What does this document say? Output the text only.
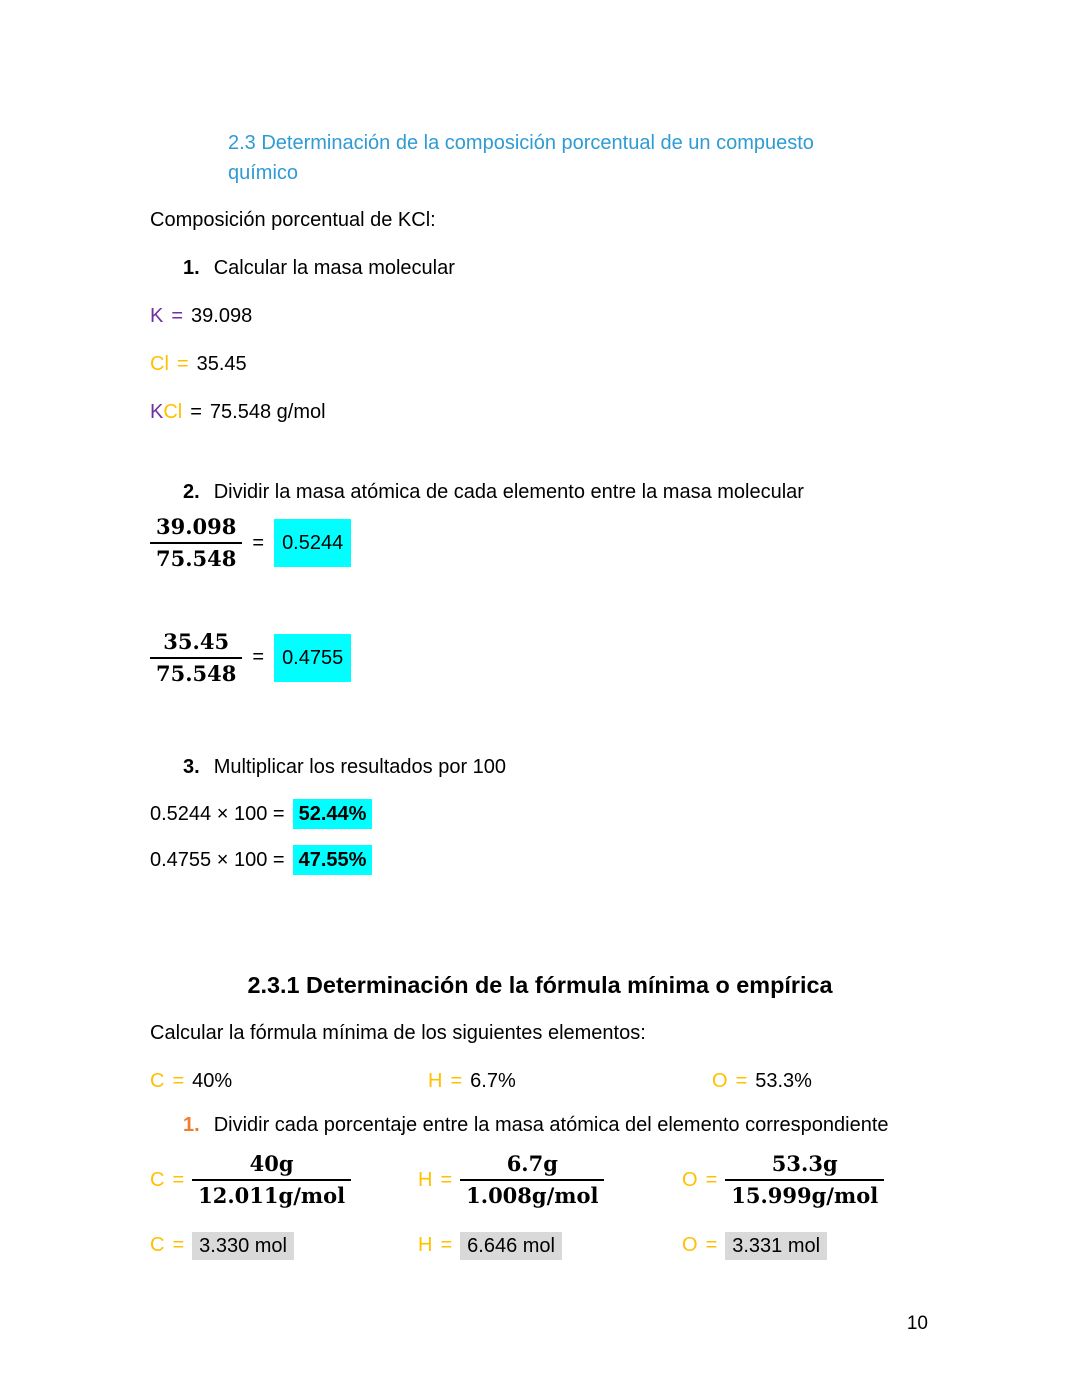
2.3 Determinación de la composición porcentual de un compuesto
químico

Composición porcentual de KCl:

1. Calcular la masa molecular

K = 39.098

Cl = 35.45

K Cl = 75.548 g/mol

2. Dividir la masa atómica de cada elemento entre la masa molecular
$\frac{39.098}{75.548} = 0.5244$
$\frac{35.45}{75.548} = 0.4755$
3. Multiplicar los resultados por 100
0.5244 × 100 = 52.44%
0.4755 × 100 = 47.55%
2.3.1 Determinación de la fórmula mínima o empírica

Calcular la fórmula mínima de los siguientes elementos:

C = 40%	H = 6.7%	O = 53.3%
1. Dividir cada porcentaje entre la masa atómica del elemento correspondiente
$C = \frac{40g}{\text{12.011g/mol}}$	$H = \frac{6.7g}{\text{1.008g/mol}}$	$O = \frac{53.3g}{\text{15.999g/mol}}$
C = 3.330 mol	H = 6.646 mol	O = 3.331 mol
10
